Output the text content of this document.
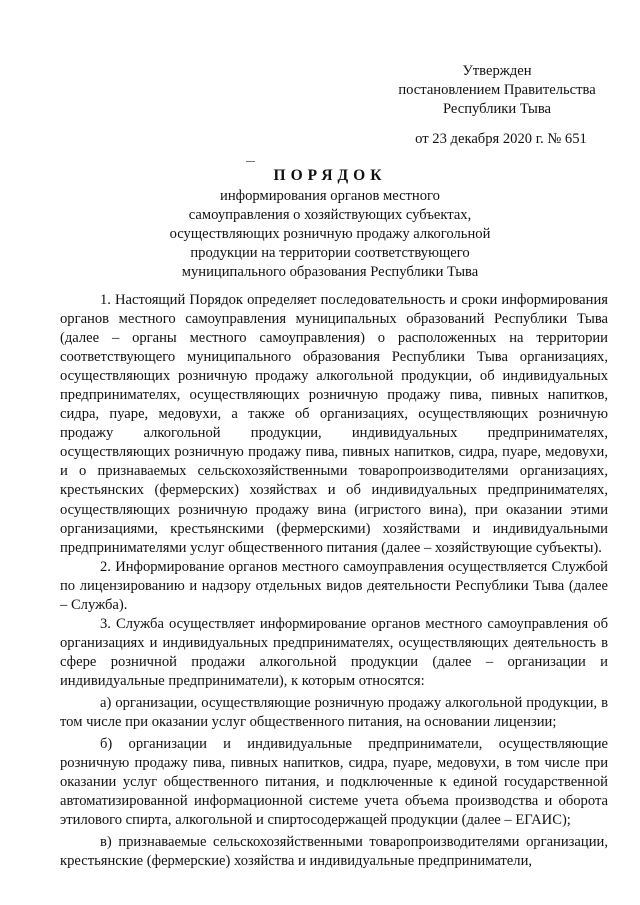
Утвержден
постановлением Правительства
Республики Тыва
от 23 декабря 2020 г. № 651
ПОРЯДОК
информирования органов местного
самоуправления о хозяйствующих субъектах,
осуществляющих розничную продажу алкогольной
продукции на территории соответствующего
муниципального образования Республики Тыва

1. Настоящий Порядок определяет последовательность и сроки информирования органов местного самоуправления муниципальных образований Республики Тыва (далее – органы местного самоуправления) о расположенных на территории соответствующего муниципального образования Республики Тыва организациях, осуществляющих розничную продажу алкогольной продукции, об индивидуальных предпринимателях, осуществляющих розничную продажу пива, пивных напитков, сидра, пуаре, медовухи, а также об организациях, осуществляющих розничную продажу алкогольной продукции, индивидуальных предпринимателях, осуществляющих розничную продажу пива, пивных напитков, сидра, пуаре, медовухи, и о признаваемых сельскохозяйственными товаропроизводителями организациях, крестьянских (фермерских) хозяйствах и об индивидуальных предпринимателях, осуществляющих розничную продажу вина (игристого вина), при оказании этими организациями, крестьянскими (фермерскими) хозяйствами и индивидуальными предпринимателями услуг общественного питания (далее – хозяйствующие субъекты).

2. Информирование органов местного самоуправления осуществляется Службой по лицензированию и надзору отдельных видов деятельности Республики Тыва (далее – Служба).

3. Служба осуществляет информирование органов местного самоуправления об организациях и индивидуальных предпринимателях, осуществляющих деятельность в сфере розничной продажи алкогольной продукции (далее – организации и индивидуальные предприниматели), к которым относятся:

а) организации, осуществляющие розничную продажу алкогольной продукции, в том числе при оказании услуг общественного питания, на основании лицензии;

б) организации и индивидуальные предприниматели, осуществляющие розничную продажу пива, пивных напитков, сидра, пуаре, медовухи, в том числе при оказании услуг общественного питания, и подключенные к единой государственной автоматизированной информационной системе учета объема производства и оборота этилового спирта, алкогольной и спиртосодержащей продукции (далее – ЕГАИС);

в) признаваемые сельскохозяйственными товаропроизводителями организации, крестьянские (фермерские) хозяйства и индивидуальные предприниматели,
